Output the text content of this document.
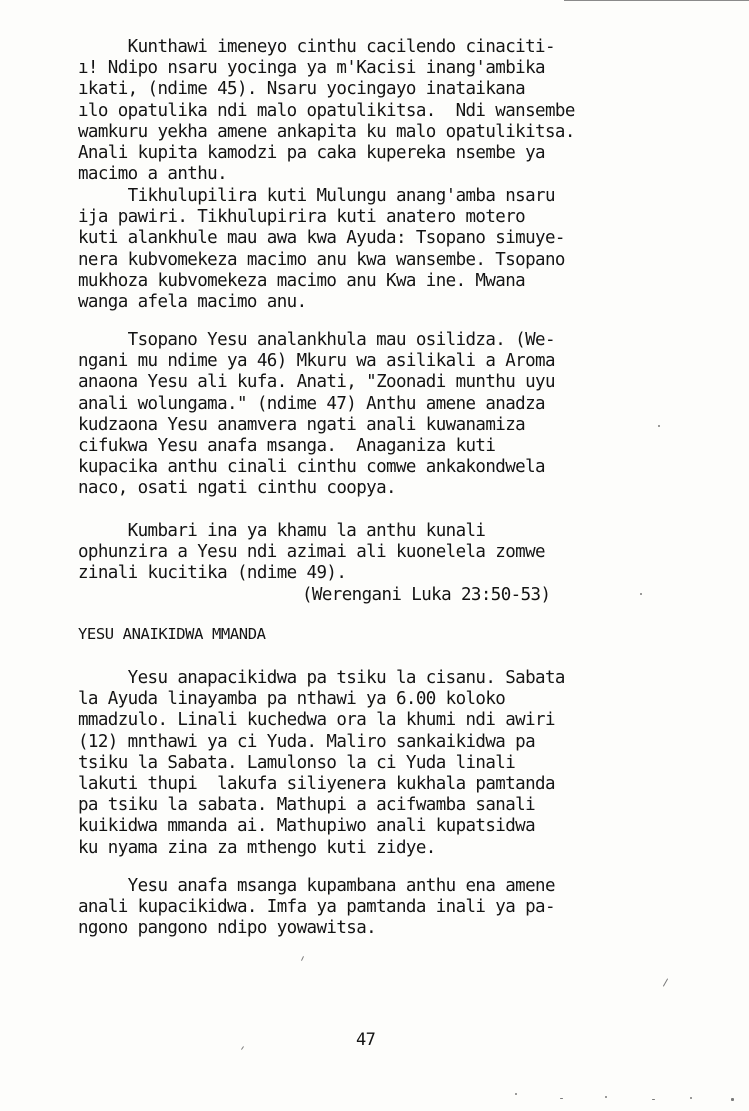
Kunthawi imeneyo cinthu cacilendo cinaciti-
ı! Ndipo nsaru yocinga ya m'Kacisi inang'ambika
ıkati, (ndime 45). Nsaru yocingayo inataikana
ılo opatulika ndi malo opatulikitsa.  Ndi wansembe
wamkuru yekha amene ankapita ku malo opatulikitsa.
Anali kupita kamodzi pa caka kupereka nsembe ya
macimo a anthu.

Tikhulupilira kuti Mulungu anang'amba nsaru
ija pawiri. Tikhulupirira kuti anatero motero
kuti alankhule mau awa kwa Ayuda: Tsopano simuye-
nera kubvomekeza macimo anu kwa wansembe. Tsopano
mukhoza kubvomekeza macimo anu Kwa ine. Mwana
wanga afela macimo anu.

Tsopano Yesu analankhula mau osilidza. (We-
ngani mu ndime ya 46) Mkuru wa asilikali a Aroma
anaona Yesu ali kufa. Anati, "Zoonadi munthu uyu
anali wolungama." (ndime 47) Anthu amene anadza
kudzaona Yesu anamvera ngati anali kuwanamiza
cifukwa Yesu anafa msanga.  Anaganiza kuti
kupacika anthu cinali cinthu comwe ankakondwela
naco, osati ngati cinthu coopya.

Kumbari ina ya khamu la anthu kunali
ophunzira a Yesu ndi azimai ali kuonelela zomwe
zinali kucitika (ndime 49).

(Werengani Luka 23:50-53)
YESU ANAIKIDWA MMANDA

Yesu anapacikidwa pa tsiku la cisanu. Sabata
la Ayuda linayamba pa nthawi ya 6.00 koloko
mmadzulo. Linali kuchedwa ora la khumi ndi awiri
(12) mnthawi ya ci Yuda. Maliro sankaikidwa pa
tsiku la Sabata. Lamulonso la ci Yuda linali
lakuti thupi  lakufa siliyenera kukhala pamtanda
pa tsiku la sabata. Mathupi a acifwamba sanali
kuikidwa mmanda ai. Mathupiwo anali kupatsidwa
ku nyama zina za mthengo kuti zidye.

Yesu anafa msanga kupambana anthu ena amene
anali kupacikidwa. Imfa ya pamtanda inali ya pa-
ngono pangono ndipo yowawitsa.

47
